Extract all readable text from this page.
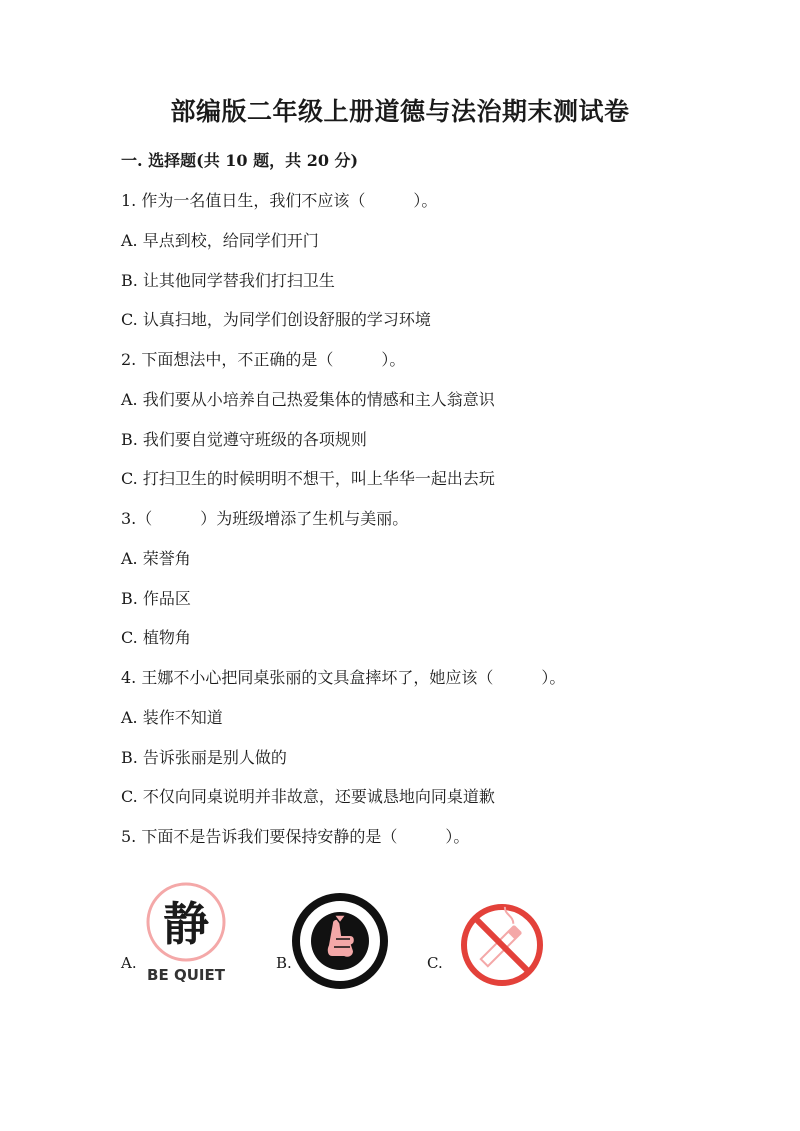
部编版二年级上册道德与法治期末测试卷
一. 选择题(共 10 题，共 20 分)
1. 作为一名值日生，我们不应该（　　　）。
A. 早点到校，给同学们开门
B. 让其他同学替我们打扫卫生
C. 认真扫地，为同学们创设舒服的学习环境
2. 下面想法中，不正确的是（　　　）。
A. 我们要从小培养自己热爱集体的情感和主人翁意识
B. 我们要自觉遵守班级的各项规则
C. 打扫卫生的时候明明不想干，叫上华华一起出去玩
3.（　　　）为班级增添了生机与美丽。
A. 荣誉角
B. 作品区
C. 植物角
4. 王娜不小心把同桌张丽的文具盒摔坏了，她应该（　　　）。
A. 装作不知道
B. 告诉张丽是别人做的
C. 不仅向同桌说明并非故意，还要诚恳地向同桌道歉
5. 下面不是告诉我们要保持安静的是（　　　）。
A.	B.	C.
静
BE QUIET
